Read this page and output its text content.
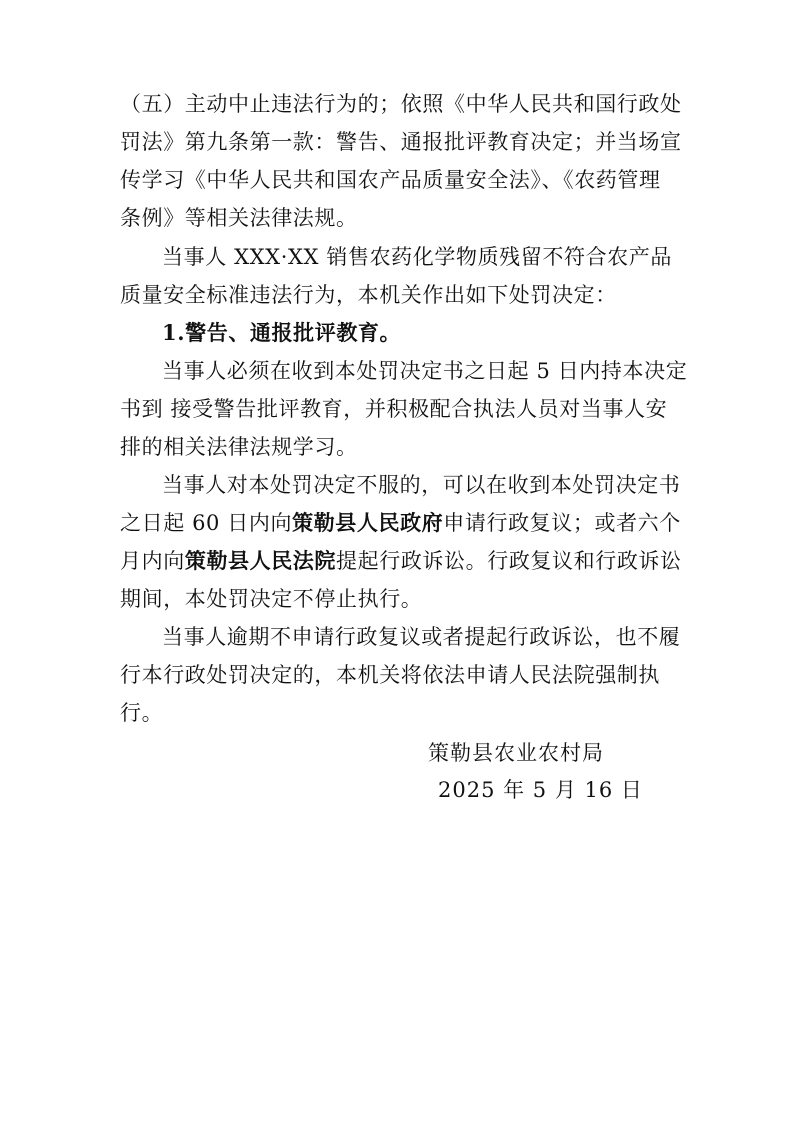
（五）主动中止违法行为的；依照《中华人民共和国行政处
罚法》第九条第一款：警告、通报批评教育决定；并当场宣
传学习《中华人民共和国农产品质量安全法》、《农药管理
条例》等相关法律法规。
当事人 XXX·XX 销售农药化学物质残留不符合农产品
质量安全标准违法行为，本机关作出如下处罚决定：
1.警告、通报批评教育。
当事人必须在收到本处罚决定书之日起 5 日内持本决定
书到 接受警告批评教育，并积极配合执法人员对当事人安
排的相关法律法规学习。
当事人对本处罚决定不服的，可以在收到本处罚决定书
之日起 60 日内向策勒县人民政府申请行政复议；或者六个
月内向策勒县人民法院提起行政诉讼。行政复议和行政诉讼
期间，本处罚决定不停止执行。
当事人逾期不申请行政复议或者提起行政诉讼，也不履
行本行政处罚决定的，本机关将依法申请人民法院强制执
行。
策勒县农业农村局
2025 年 5 月 16 日
